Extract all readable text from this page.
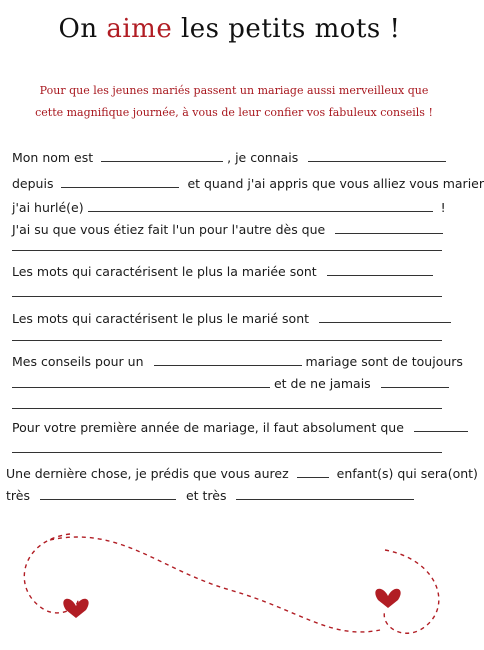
On aime les petits mots !
Pour que les jeunes mariés passent un mariage aussi merveilleux que
cette magnifique journée, à vous de leur confier vos fabuleux conseils !
Mon nom est	, je connais
depuis	et quand j'ai appris que vous alliez vous marier
j'ai hurlé(e)	!
J'ai su que vous étiez fait l'un pour l'autre dès que
Les mots qui caractérisent le plus la mariée sont
Les mots qui caractérisent le plus le marié sont
Mes conseils pour un	mariage sont de toujours
et de ne jamais
Pour votre première année de mariage, il faut absolument que
Une dernière chose, je prédis que vous aurez	enfant(s) qui sera(ont)
très	et très
